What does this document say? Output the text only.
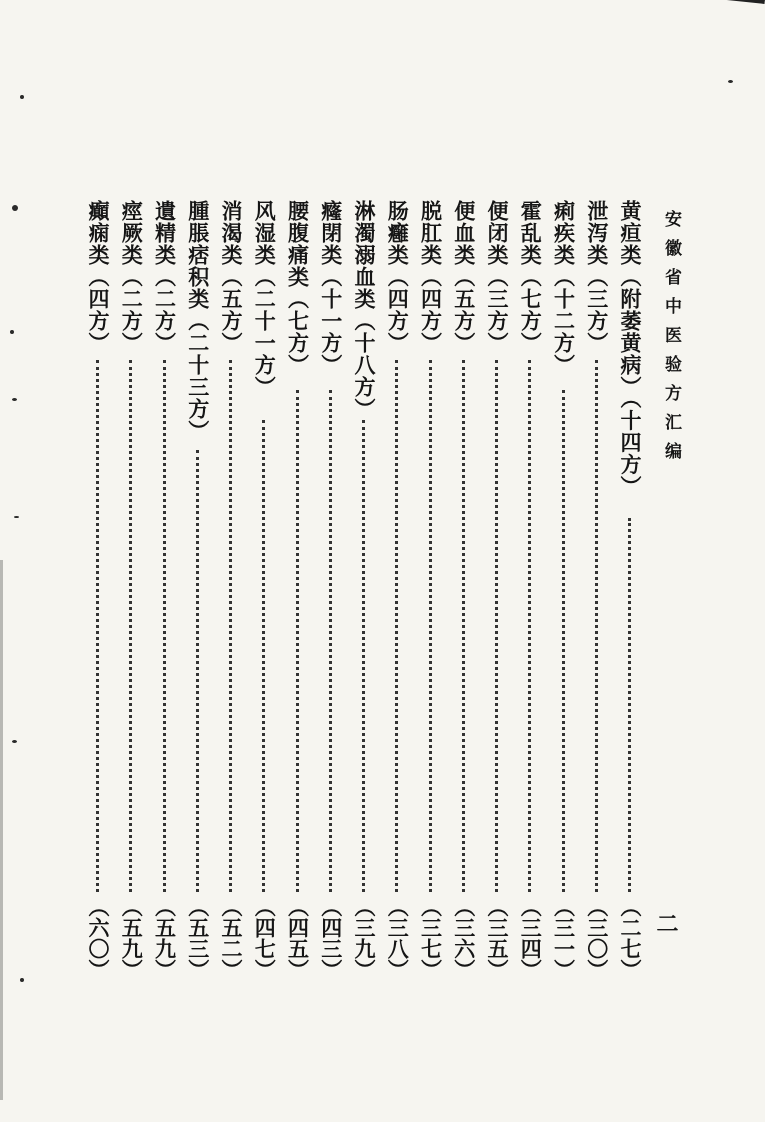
安徽省中医验方汇编
二
黄疸类（附萎黄病）（十四方）
（二七）
泄泻类（三方）
（三〇）
痢疾类（十二方）
（三一）
霍乱类（七方）
（三四）
便闭类（三方）
（三五）
便血类（五方）
（三六）
脱肛类（四方）
（三七）
肠癰类（四方）
（三八）
淋濁溺血类（十八方）
（三九）
癃閉类（十一方）
（四三）
腰腹痛类（七方）
（四五）
风湿类（二十一方）
（四七）
消渴类（五方）
（五二）
腫脹痞积类（二十三方）
（五三）
遺精类（二方）
（五九）
痙厥类（二方）
（五九）
癲痫类（四方）
（六〇）
